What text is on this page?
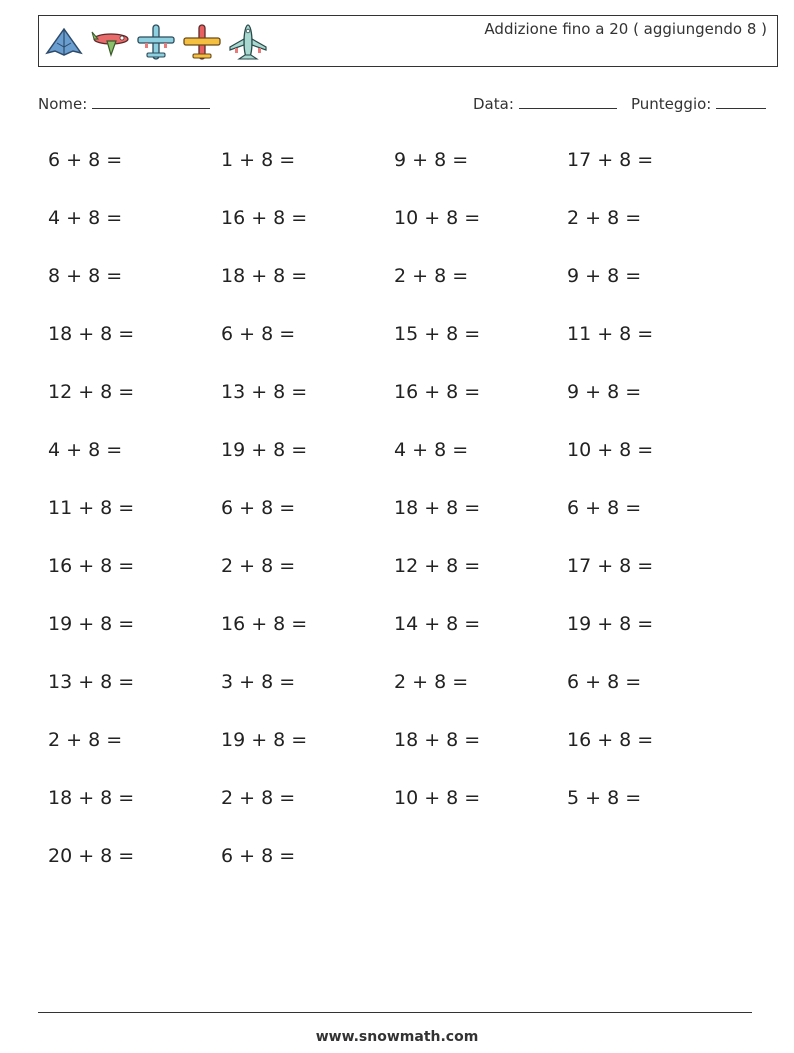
Addizione fino a 20 ( aggiungendo 8 )
Nome:	Data:	Punteggio:
6 + 8 =	1 + 8 =	9 + 8 =	17 + 8 =
4 + 8 =	16 + 8 =	10 + 8 =	2 + 8 =
8 + 8 =	18 + 8 =	2 + 8 =	9 + 8 =
18 + 8 =	6 + 8 =	15 + 8 =	11 + 8 =
12 + 8 =	13 + 8 =	16 + 8 =	9 + 8 =
4 + 8 =	19 + 8 =	4 + 8 =	10 + 8 =
11 + 8 =	6 + 8 =	18 + 8 =	6 + 8 =
16 + 8 =	2 + 8 =	12 + 8 =	17 + 8 =
19 + 8 =	16 + 8 =	14 + 8 =	19 + 8 =
13 + 8 =	3 + 8 =	2 + 8 =	6 + 8 =
2 + 8 =	19 + 8 =	18 + 8 =	16 + 8 =
18 + 8 =	2 + 8 =	10 + 8 =	5 + 8 =
20 + 8 =	6 + 8 =
www.snowmath.com
